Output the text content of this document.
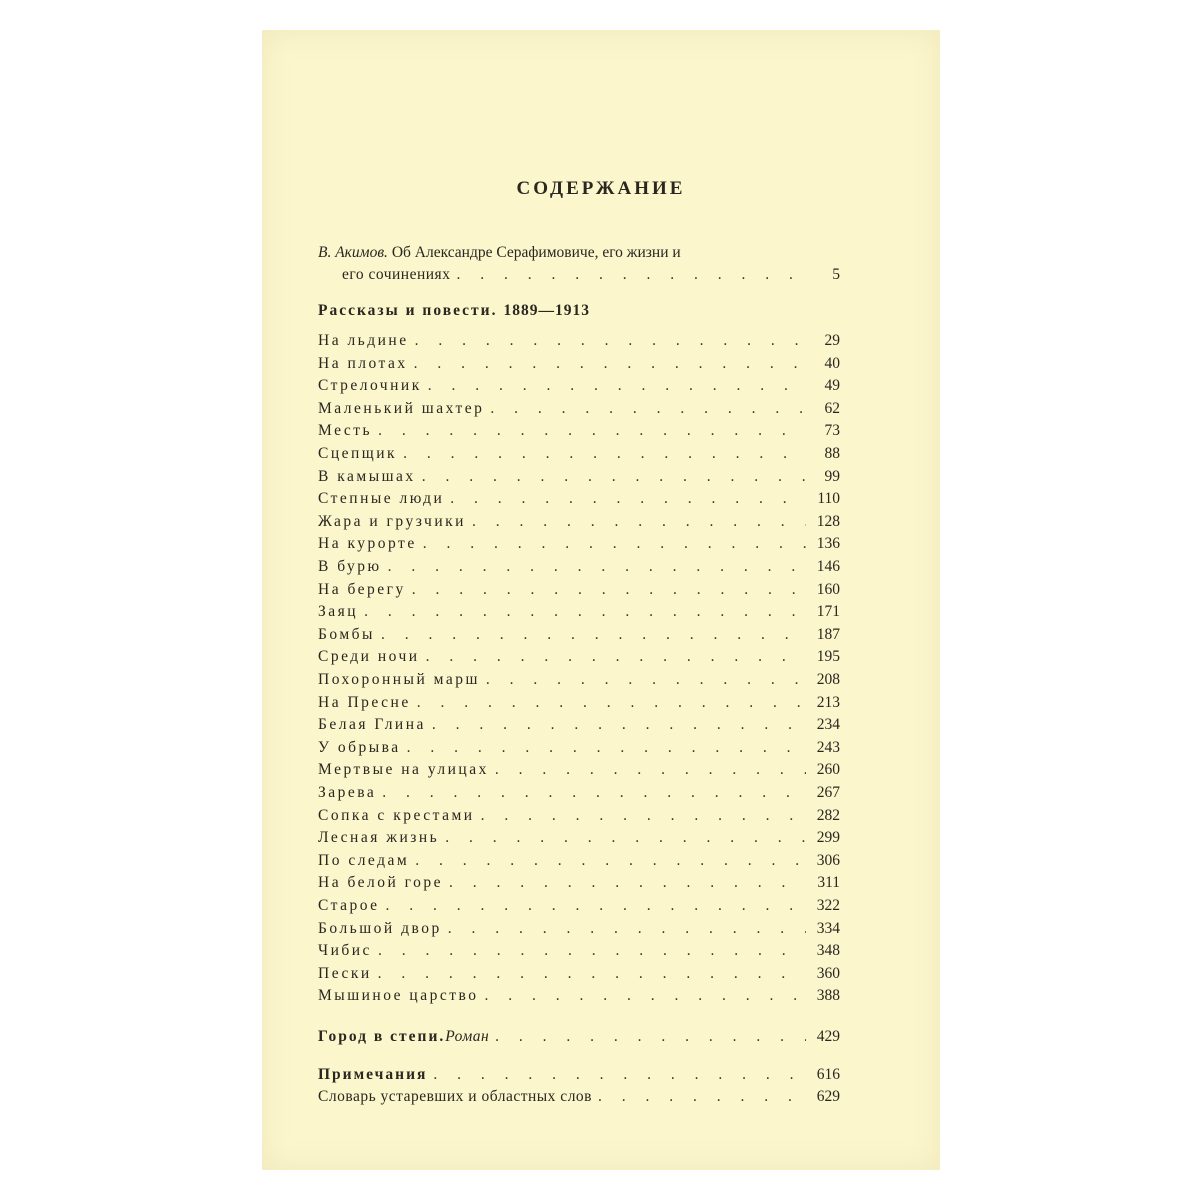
СОДЕРЖАНИЕ
В. Акимов. Об Александре Серафимовиче, его жизни и
его сочинениях . . .	5
Рассказы и повести. 1889—1913
На льдине . . .	29
На плотах . . .	40
Стрелочник . . .	49
Маленький шахтер . . .	62
Месть . . .	73
Сцепщик . . .	88
В камышах . . .	99
Степные люди . . .	110
Жара и грузчики . . .	128
На курорте . . .	136
В бурю . . .	146
На берегу . . .	160
Заяц . . .	171
Бомбы . . .	187
Среди ночи . . .	195
Похоронный марш . . .	208
На Пресне . . .	213
Белая Глина . . .	234
У обрыва . . .	243
Мертвые на улицах . . .	260
Зарева . . .	267
Сопка с крестами . . .	282
Лесная жизнь . . .	299
По следам . . .	306
На белой горе . . .	311
Старое . . .	322
Большой двор . . .	334
Чибис . . .	348
Пески . . .	360
Мышиное царство . . .	388
Город в степи.Роман . . .	429
Примечания . . .	616
Словарь устаревших и областных слов . . .	629
